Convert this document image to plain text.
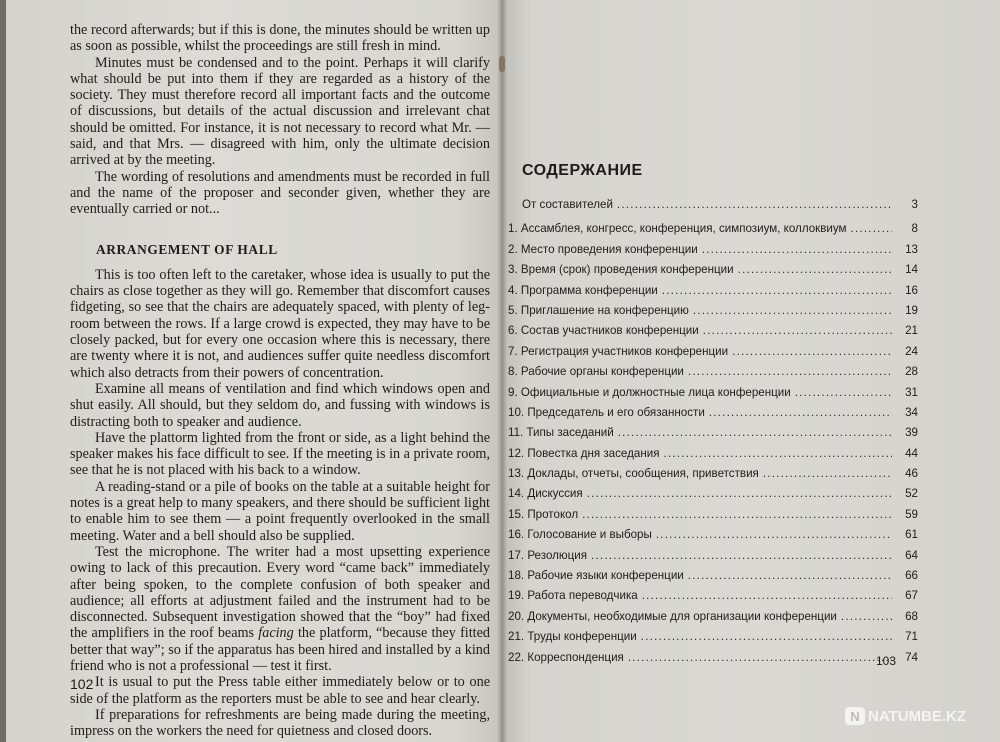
the record afterwards; but if this is done, the minutes should be written up as soon as possible, whilst the proceedings are still fresh in mind.

Minutes must be condensed and to the point. Perhaps it will clarify what should be put into them if they are regarded as a history of the society. They must therefore record all important facts and the outcome of discussions, but details of the actual discussion and irrelevant chat should be omitted. For instance, it is not necessary to record what Mr. — said, and that Mrs. — disagreed with him, only the ultimate decision arrived at by the meeting.

The wording of resolutions and amendments must be recorded in full and the name of the proposer and seconder given, whether they are eventually carried or not...

ARRANGEMENT OF HALL

This is too often left to the caretaker, whose idea is usually to put the chairs as close together as they will go. Remember that discomfort causes fidgeting, so see that the chairs are adequately spaced, with plenty of leg-room between the rows. If a large crowd is expected, they may have to be closely packed, but for every one occasion where this is necessary, there are twenty where it is not, and audiences suffer quite needless discomfort which also detracts from their powers of concentration.

Examine all means of ventilation and find which windows open and shut easily. All should, but they seldom do, and fussing with windows is distracting both to speaker and audience.

Have the plattorm lighted from the front or side, as a light behind the speaker makes his face difficult to see. If the meeting is in a private room, see that he is not placed with his back to a window.

A reading-stand or a pile of books on the table at a suitable height for notes is a great help to many speakers, and there should be sufficient light to enable him to see them — a point frequently overlooked in the small meeting. Water and a bell should also be supplied.

Test the microphone. The writer had a most upsetting experience owing to lack of this precaution. Every word “came back” immediately after being spoken, to the complete confusion of both speaker and audience; all efforts at adjustment failed and the instrument had to be disconnected. Subsequent investigation showed that the “boy” had fixed the amplifiers in the roof beams facing the platform, “because they fitted better that way”; so if the apparatus has been hired and installed by a kind friend who is not a professional — test it first.

It is usual to put the Press table either immediately below or to one side of the platform as the reporters must be able to see and hear clearly.

If preparations for refreshments are being made during the meeting, impress on the workers the need for quietness and closed doors.

102
СОДЕРЖАНИЕ
От составителей . . .	3
1. Ассамблея, конгресс, конференция, симпозиум, коллоквиум . . .	8
2. Место проведения конференции . . .	13
3. Время (срок) проведения конференции . . .	14
4. Программа конференции . . .	16
5. Приглашение на конференцию . . .	19
6. Состав участников конференции . . .	21
7. Регистрация участников конференции . . .	24
8. Рабочие органы конференции . . .	28
9. Официальные и должностные лица конференции . . .	31
10. Председатель и его обязанности . . .	34
11. Типы заседаний . . .	39
12. Повестка дня заседания . . .	44
13. Доклады, отчеты, сообщения, приветствия . . .	46
14. Дискуссия . . .	52
15. Протокол . . .	59
16. Голосование и выборы . . .	61
17. Резолюция . . .	64
18. Рабочие языки конференции . . .	66
19. Работа переводчика . . .	67
20. Документы, необходимые для организации конференции . . .	68
21. Труды конференции . . .	71
22. Корреспонденция . . .	74
103
N NATUMBE.KZ
